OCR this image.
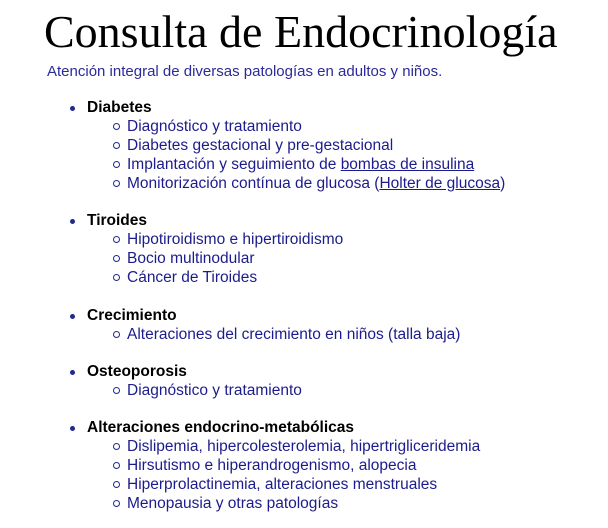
Consulta de Endocrinología

Atención integral de diversas patologías en adultos y niños.

Diabetes
Diagnóstico y tratamiento
Diabetes gestacional y pre-gestacional
Implantación y seguimiento de bombas de insulina
Monitorización contínua de glucosa (Holter de glucosa)
Tiroides
Hipotiroidismo e hipertiroidismo
Bocio multinodular
Cáncer de Tiroides
Crecimiento
Alteraciones del crecimiento en niños (talla baja)
Osteoporosis
Diagnóstico y tratamiento
Alteraciones endocrino-metabólicas
Dislipemia, hipercolesterolemia, hipertrigliceridemia
Hirsutismo e hiperandrogenismo, alopecia
Hiperprolactinemia, alteraciones menstruales
Menopausia y otras patologías
